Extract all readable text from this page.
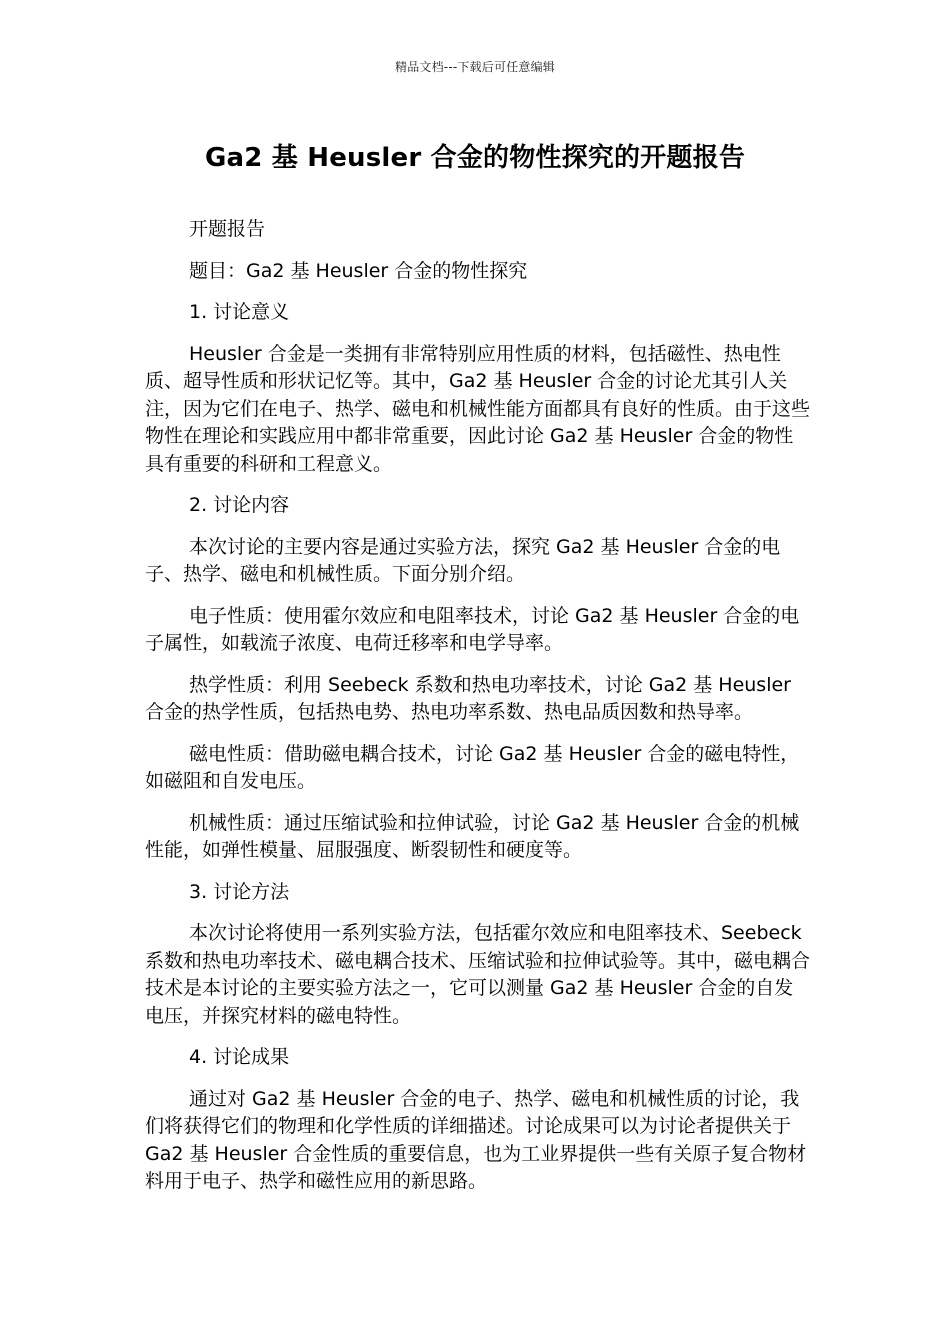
精品文档---下载后可任意编辑
Ga2 基 Heusler 合金的物性探究的开题报告

开题报告

题目：Ga2 基 Heusler 合金的物性探究

1. 讨论意义

Heusler 合金是一类拥有非常特别应用性质的材料，包括磁性、热电性质、超导性质和形状记忆等。其中，Ga2 基 Heusler 合金的讨论尤其引人关注，因为它们在电子、热学、磁电和机械性能方面都具有良好的性质。由于这些物性在理论和实践应用中都非常重要，因此讨论 Ga2 基 Heusler 合金的物性具有重要的科研和工程意义。

2. 讨论内容

本次讨论的主要内容是通过实验方法，探究 Ga2 基 Heusler 合金的电子、热学、磁电和机械性质。下面分别介绍。

电子性质：使用霍尔效应和电阻率技术，讨论 Ga2 基 Heusler 合金的电子属性，如载流子浓度、电荷迁移率和电学导率。

热学性质：利用 Seebeck 系数和热电功率技术，讨论 Ga2 基 Heusler 合金的热学性质，包括热电势、热电功率系数、热电品质因数和热导率。

磁电性质：借助磁电耦合技术，讨论 Ga2 基 Heusler 合金的磁电特性，如磁阻和自发电压。

机械性质：通过压缩试验和拉伸试验，讨论 Ga2 基 Heusler 合金的机械性能，如弹性模量、屈服强度、断裂韧性和硬度等。

3. 讨论方法

本次讨论将使用一系列实验方法，包括霍尔效应和电阻率技术、Seebeck 系数和热电功率技术、磁电耦合技术、压缩试验和拉伸试验等。其中，磁电耦合技术是本讨论的主要实验方法之一，它可以测量 Ga2 基 Heusler 合金的自发电压，并探究材料的磁电特性。

4. 讨论成果

通过对 Ga2 基 Heusler 合金的电子、热学、磁电和机械性质的讨论，我们将获得它们的物理和化学性质的详细描述。讨论成果可以为讨论者提供关于 Ga2 基 Heusler 合金性质的重要信息，也为工业界提供一些有关原子复合物材料用于电子、热学和磁性应用的新思路。
